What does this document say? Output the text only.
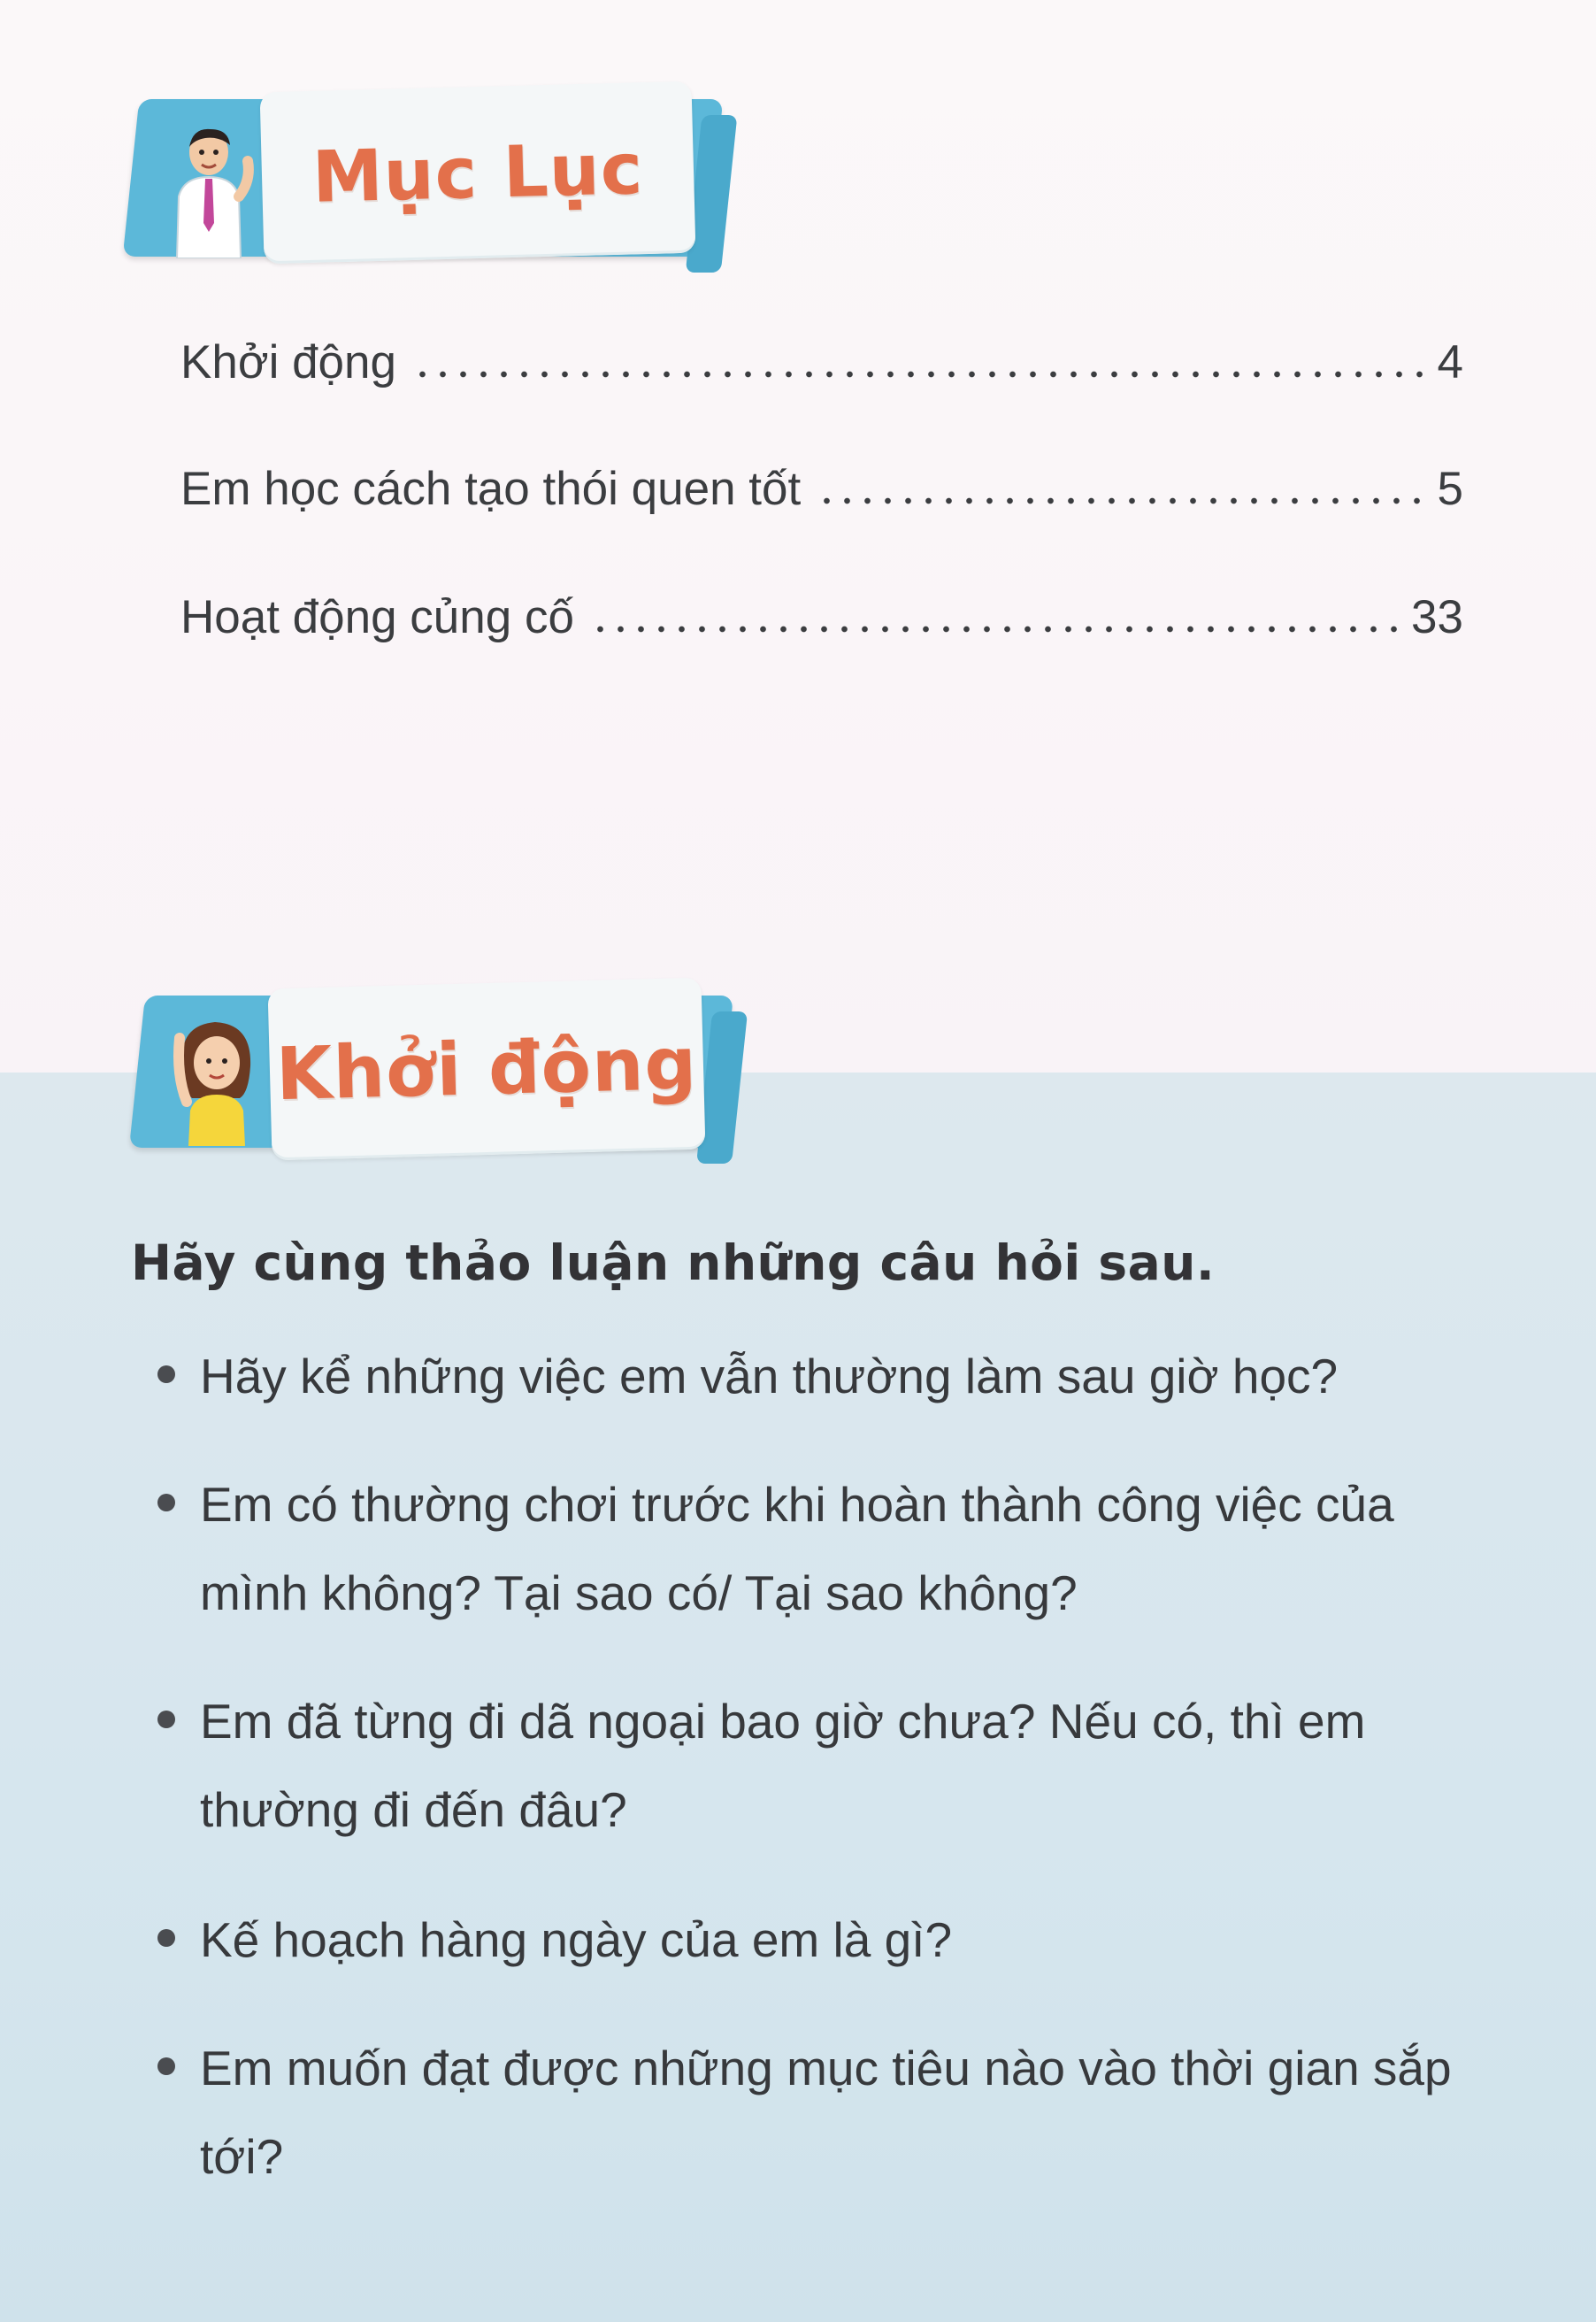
Mục Lục
Khởi động	4
Em học cách tạo thói quen tốt	5
Hoạt động củng cố	33
Khởi động
Hãy cùng thảo luận những câu hỏi sau.
Hãy kể những việc em vẫn thường làm sau giờ học?
Em có thường chơi trước khi hoàn thành công việc của mình không? Tại sao có/ Tại sao không?
Em đã từng đi dã ngoại bao giờ chưa? Nếu có, thì em thường đi đến đâu?
Kế hoạch hàng ngày của em là gì?
Em muốn đạt được những mục tiêu nào vào thời gian sắp tới?
